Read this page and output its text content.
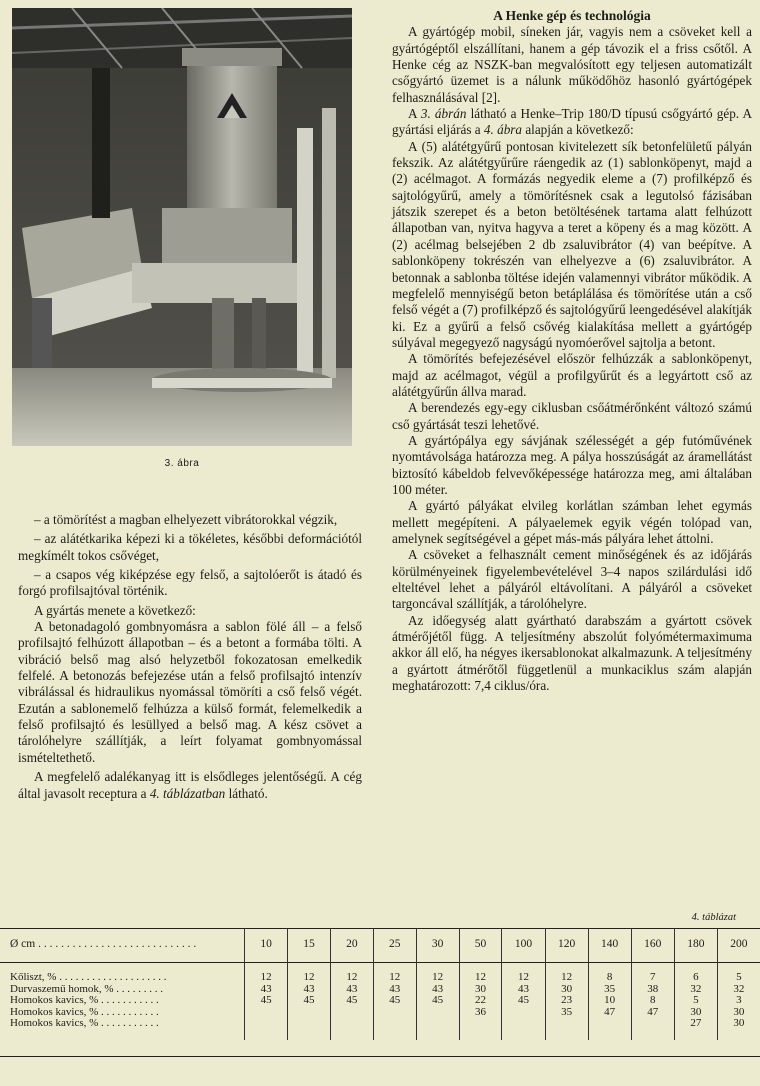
3. ábra

– a tömörítést a magban elhelyezett vibrátorokkal végzik,

– az alátétkarika képezi ki a tökéletes, későbbi deformációtól megkímélt tokos csővéget,

– a csapos vég kiképzése egy felső, a sajtolóerőt is átadó és forgó profilsajtóval történik.

A gyártás menete a következő:

A betonadagoló gombnyomásra a sablon fölé áll – a felső profilsajtó felhúzott állapotban – és a betont a formába tölti. A vibráció belső mag alsó helyzetből fokozatosan emelkedik felfelé. A betonozás befejezése után a felső profilsajtó intenzív vibrálással és hidraulikus nyomással tömöríti a cső felső végét. Ezután a sablonemelő felhúzza a külső formát, felemelkedik a felső profilsajtó és lesüllyed a belső mag. A kész csövet a tárolóhelyre szállítják, a leírt folyamat gombnyomással ismételtethető.

A megfelelő adalékanyag itt is elsődleges jelentőségű. A cég által javasolt receptura a 4. táblázatban látható.

A Henke gép és technológia

A gyártógép mobil, síneken jár, vagyis nem a csöveket kell a gyártógéptől elszállítani, hanem a gép távozik el a friss csőtől. A Henke cég az NSZK-ban megvalósított egy teljesen automatizált csőgyártó üzemet is a nálunk működőhöz hasonló gyártógépek felhasználásával [2].

A 3. ábrán látható a Henke–Trip 180/D típusú csőgyártó gép. A gyártási eljárás a 4. ábra alapján a következő:

A (5) alátétgyűrű pontosan kivitelezett sík betonfelületű pályán fekszik. Az alátétgyűrűre ráengedik az (1) sablonköpenyt, majd a (2) acélmagot. A formázás negyedik eleme a (7) profilképző és sajtológyűrű, amely a tömörítésnek csak a legutolsó fázisában játszik szerepet és a beton betöltésének tartama alatt felhúzott állapotban van, nyitva hagyva a teret a köpeny és a mag között. A (2) acélmag belsejében 2 db zsaluvibrátor (4) van beépítve. A sablonköpeny tokrészén van elhelyezve a (6) zsaluvibrátor. A betonnak a sablonba töltése idején valamennyi vibrátor működik. A megfelelő mennyiségű beton betáplálása és tömörítése után a cső felső végét a (7) profilképző és sajtológyűrű leengedésével alakítják ki. Ez a gyűrű a felső csővég kialakítása mellett a gyártógép súlyával megegyező nagyságú nyomóerővel sajtolja a betont.

A tömörítés befejezésével először felhúzzák a sablonköpenyt, majd az acélmagot, végül a profilgyűrűt és a legyártott cső az alátétgyűrűn állva marad.

A berendezés egy-egy ciklusban csőátmérőnként változó számú cső gyártását teszi lehetővé.

A gyártópálya egy sávjának szélességét a gép futóművének nyomtávolsága határozza meg. A pálya hosszúságát az áramellátást biztosító kábeldob felvevőképessége határozza meg, ami általában 100 méter.

A gyártó pályákat elvileg korlátlan számban lehet egymás mellett megépíteni. A pályaelemek egyik végén tolópad van, amelynek segítségével a gépet más-más pályára lehet áttolni.

A csöveket a felhasznált cement minőségének és az időjárás körülményeinek figyelembevételével 3–4 napos szilárdulási idő elteltével lehet a pályáról eltávolítani. A pályáról a csöveket targoncával szállítják, a tárolóhelyre.

Az időegység alatt gyártható darabszám a gyártott csövek átmérőjétől függ. A teljesítmény abszolút folyómétermaximuma akkor áll elő, ha négyes ikersablonokat alkalmazunk. A teljesítmény a gyártott átmérőtől függetlenül a munkaciklus szám alapján meghatározott: 7,4 ciklus/óra.

4. táblázat
Ø cm . . . . . . . . . . . . . . . . . . . . . . . . . . . .	10	15	20	25	30	50	100	120	140	160	180	200

Kőliszt, % . . . . . . . . . . . . . . . . . . . .	12	12	12	12	12	12	12	12	8	7	6	5
Durvaszemű homok, % . . . . . . . . .	43	43	43	43	43	30	43	30	35	38	32	32
Homokos kavics, % . . . . . . . . . . .	45	45	45	45	45	22	45	23	10	8	5	3
Homokos kavics, % . . . . . . . . . . .						36		35	47	47	30	30
Homokos kavics, % . . . . . . . . . . .											27	30
